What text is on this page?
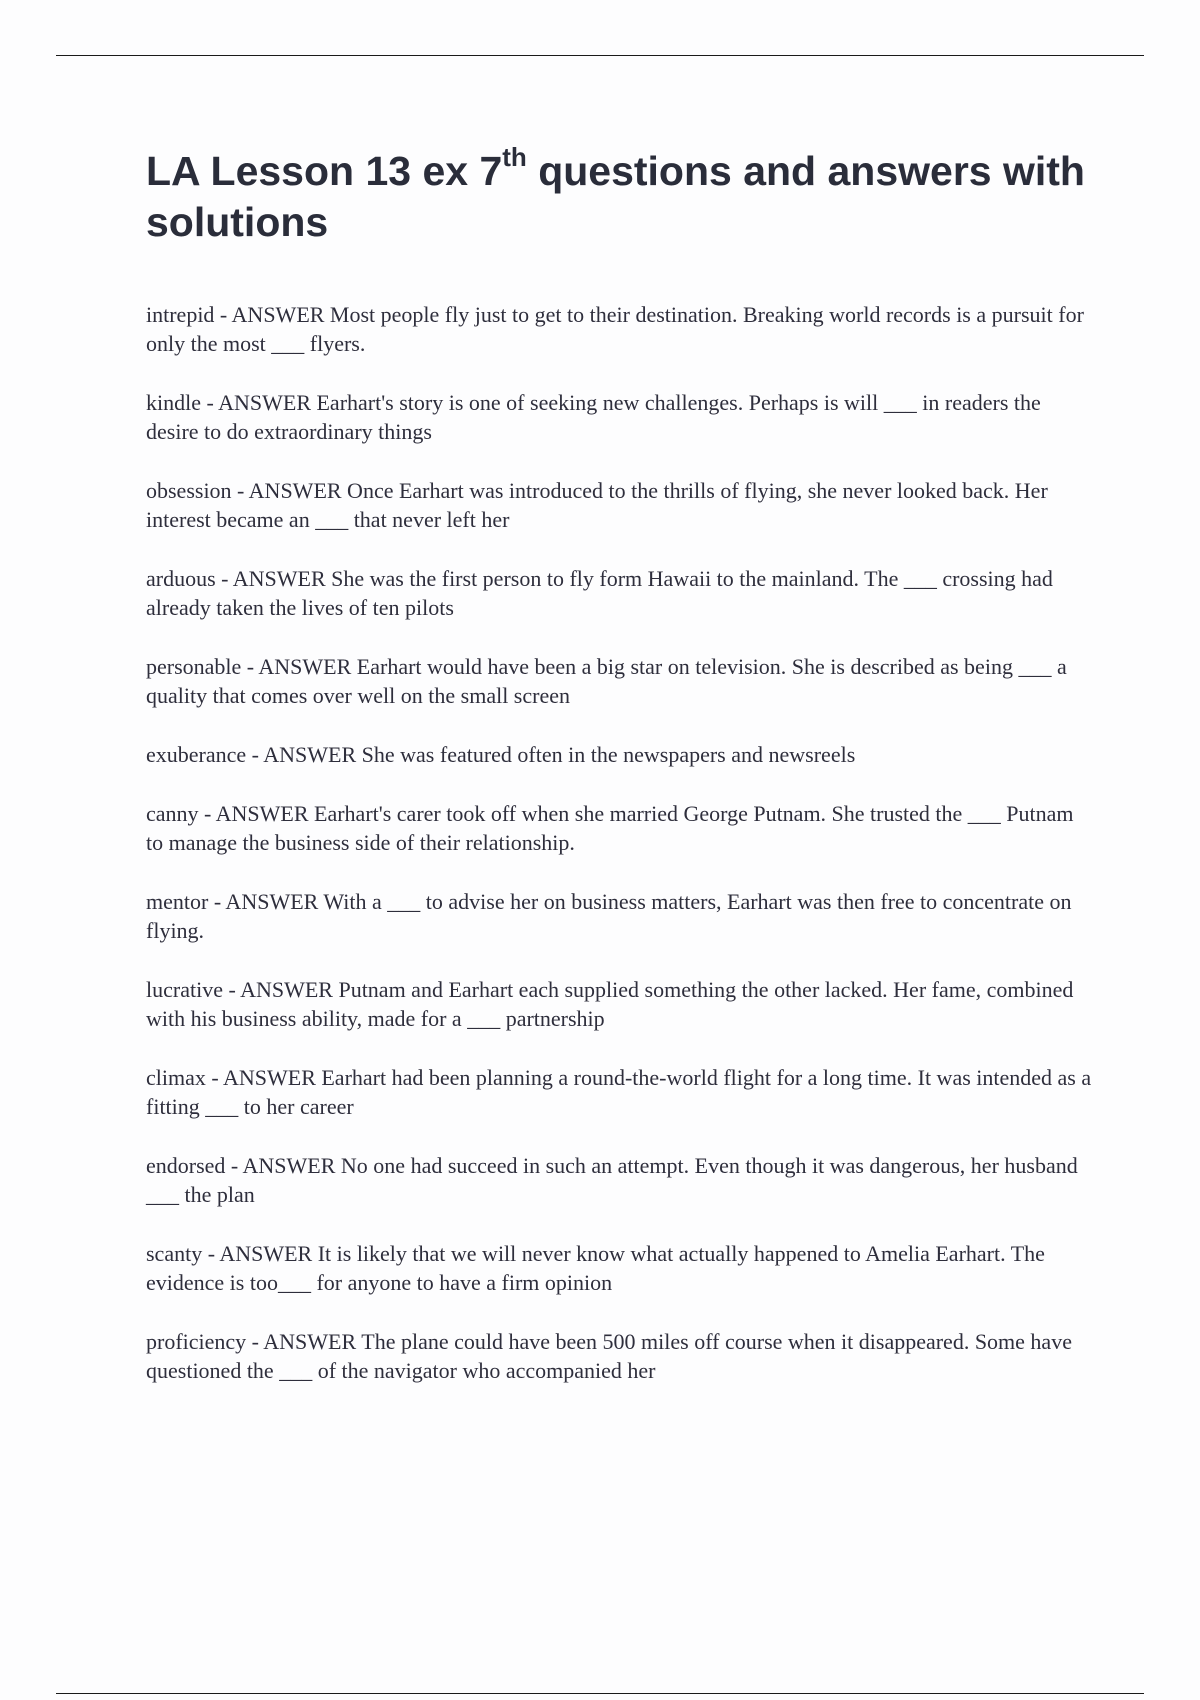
LA Lesson 13 ex 7th questions and answers with solutions
intrepid - ANSWER Most people fly just to get to their destination. Breaking world records is a pursuit for only the most ___ flyers.
kindle - ANSWER Earhart's story is one of seeking new challenges. Perhaps is will ___ in readers the desire to do extraordinary things
obsession - ANSWER Once Earhart was introduced to the thrills of flying, she never looked back. Her interest became an ___ that never left her
arduous - ANSWER She was the first person to fly form Hawaii to the mainland. The ___ crossing had already taken the lives of ten pilots
personable - ANSWER Earhart would have been a big star on television. She is described as being ___ a quality that comes over well on the small screen
exuberance - ANSWER She was featured often in the newspapers and newsreels
canny - ANSWER Earhart's carer took off when she married George Putnam. She trusted the ___ Putnam to manage the business side of their relationship.
mentor - ANSWER With a ___ to advise her on business matters, Earhart was then free to concentrate on flying.
lucrative - ANSWER Putnam and Earhart each supplied something the other lacked. Her fame, combined with his business ability, made for a ___ partnership
climax - ANSWER Earhart had been planning a round-the-world flight for a long time. It was intended as a fitting ___ to her career
endorsed - ANSWER No one had succeed in such an attempt. Even though it was dangerous, her husband ___ the plan
scanty - ANSWER It is likely that we will never know what actually happened to Amelia Earhart. The evidence is too___ for anyone to have a firm opinion
proficiency - ANSWER The plane could have been 500 miles off course when it disappeared. Some have questioned the ___ of the navigator who accompanied her
